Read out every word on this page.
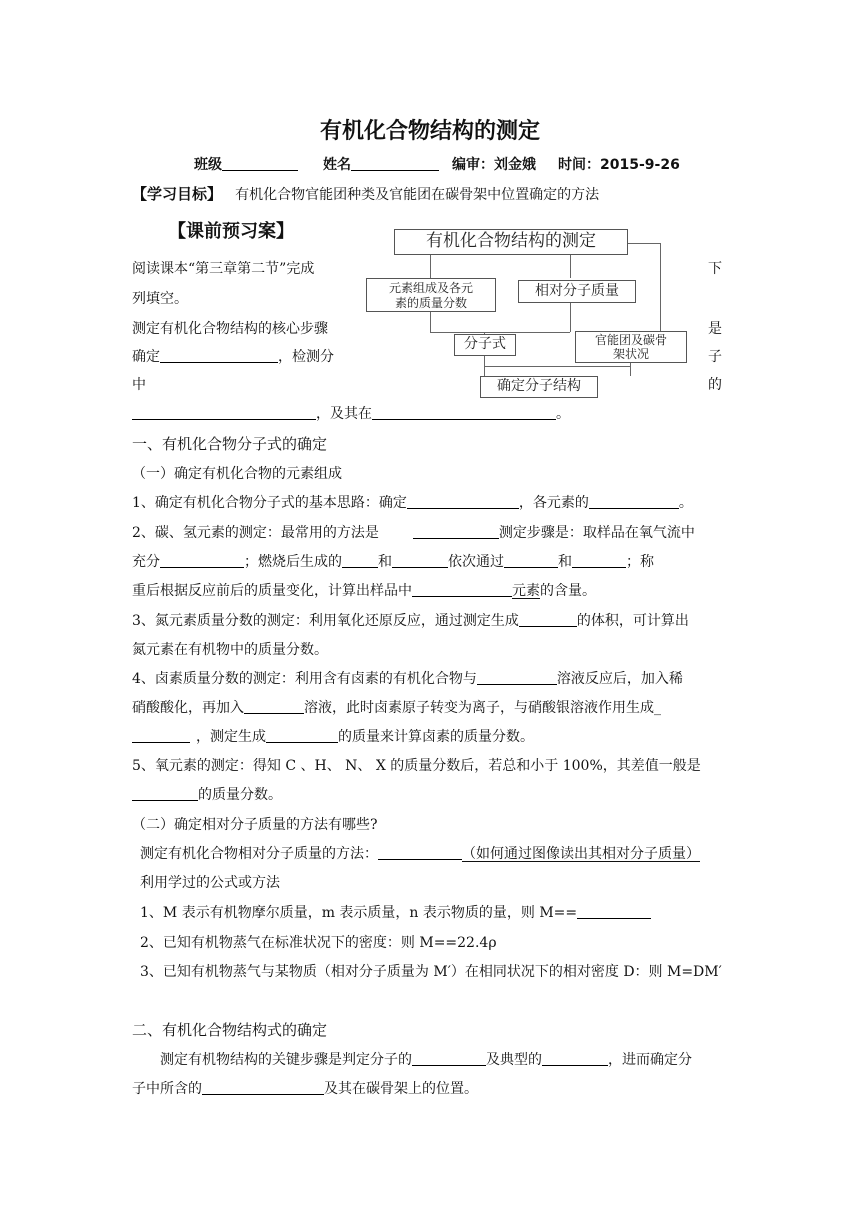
有机化合物结构的测定
班级	姓名	编审：刘金娥 时间：2015-9-26
【学习目标】 有机化合物官能团种类及官能团在碳骨架中位置确定的方法
【课前预习案】
阅读课本“第三章第二节”完成	下
列填空。
测定有机化合物结构的核心步骤	是
确定	，检测分	子
中	的
，及其在	。
有机化合物结构的测定
元素组成及各元
素的质量分数
相对分子质量
分子式	官能团及碳骨
架状况
确定分子结构
一、有机化合物分子式的确定
（一）确定有机化合物的元素组成
1、确定有机化合物分子式的基本思路：确定	，各元素的	。
2、碳、氢元素的测定：最常用的方法是	测定步骤是：取样品在氧气流中
充分	；燃烧后生成的	和	依次通过	和	；称
重后根据反应前后的质量变化，计算出样品中	元素的含量。
3、氮元素质量分数的测定：利用氧化还原反应，通过测定生成	的体积，可计算出
氮元素在有机物中的质量分数。
4、卤素质量分数的测定：利用含有卤素的有机化合物与	溶液反应后，加入稀
硝酸酸化，再加入	溶液，此时卤素原子转变为离子，与硝酸银溶液作用生成_
，测定生成	的质量来计算卤素的质量分数。
5、氧元素的测定：得知 C 、H、 N、 X 的质量分数后，若总和小于 100%，其差值一般是
的质量分数。
（二）确定相对分子质量的方法有哪些?
测定有机化合物相对分子质量的方法：	（如何通过图像读出其相对分子质量）
利用学过的公式或方法
1、M 表示有机物摩尔质量，m 表示质量，n 表示物质的量，则 M==
2、已知有机物蒸气在标准状况下的密度：则 M==22.4ρ
3、已知有机物蒸气与某物质（相对分子质量为 M′）在相同状况下的相对密度 D：则 M=DM′
二、有机化合物结构式的确定
测定有机物结构的关键步骤是判定分子的	及典型的	，进而确定分
子中所含的	及其在碳骨架上的位置。
